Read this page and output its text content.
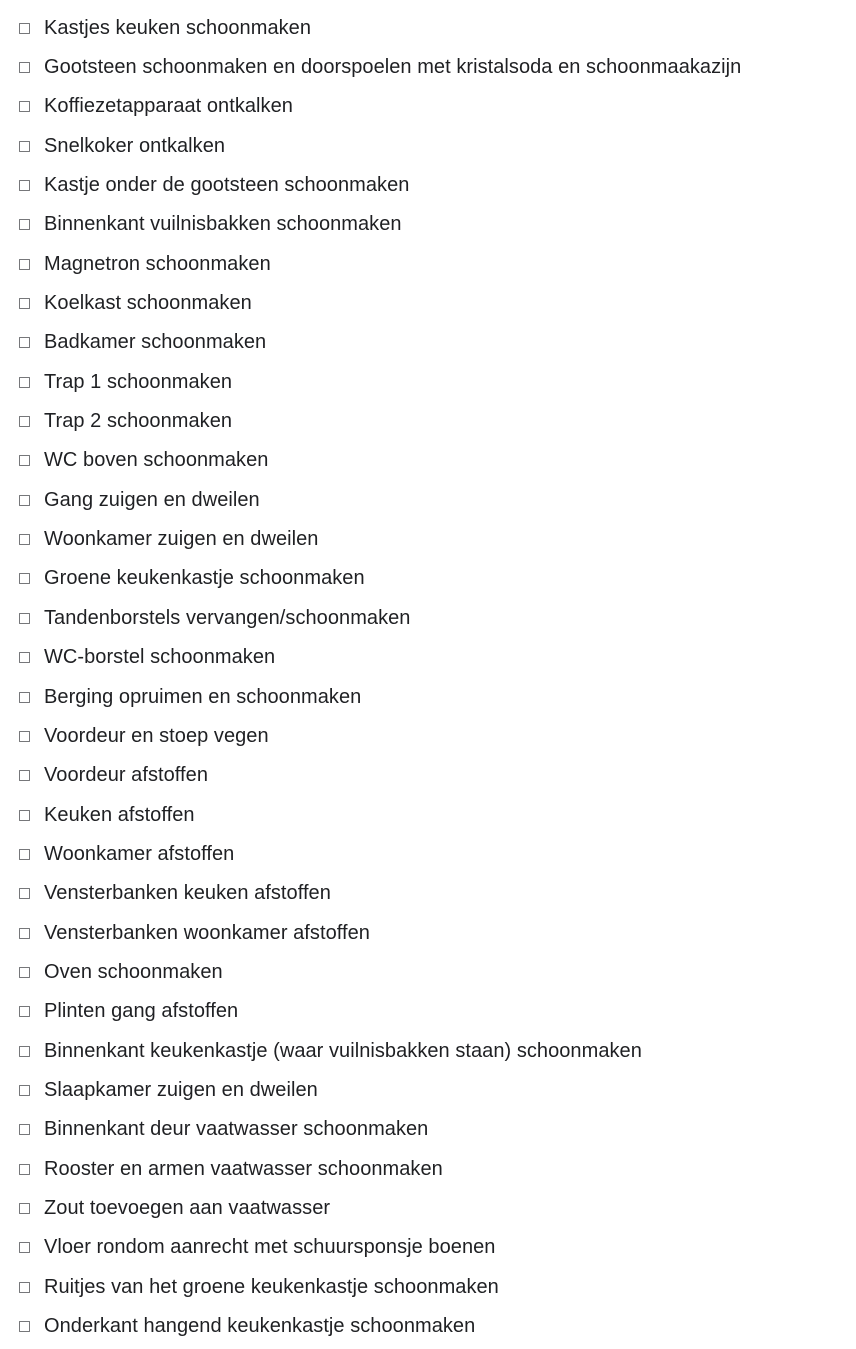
Kastjes keuken schoonmaken
Gootsteen schoonmaken en doorspoelen met kristalsoda en schoonmaakazijn
Koffiezetapparaat ontkalken
Snelkoker ontkalken
Kastje onder de gootsteen schoonmaken
Binnenkant vuilnisbakken schoonmaken
Magnetron schoonmaken
Koelkast schoonmaken
Badkamer schoonmaken
Trap 1 schoonmaken
Trap 2 schoonmaken
WC boven schoonmaken
Gang zuigen en dweilen
Woonkamer zuigen en dweilen
Groene keukenkastje schoonmaken
Tandenborstels vervangen/schoonmaken
WC-borstel schoonmaken
Berging opruimen en schoonmaken
Voordeur en stoep vegen
Voordeur afstoffen
Keuken afstoffen
Woonkamer afstoffen
Vensterbanken keuken afstoffen
Vensterbanken woonkamer afstoffen
Oven schoonmaken
Plinten gang afstoffen
Binnenkant keukenkastje (waar vuilnisbakken staan) schoonmaken
Slaapkamer zuigen en dweilen
Binnenkant deur vaatwasser schoonmaken
Rooster en armen vaatwasser schoonmaken
Zout toevoegen aan vaatwasser
Vloer rondom aanrecht met schuursponsje boenen
Ruitjes van het groene keukenkastje schoonmaken
Onderkant hangend keukenkastje schoonmaken
